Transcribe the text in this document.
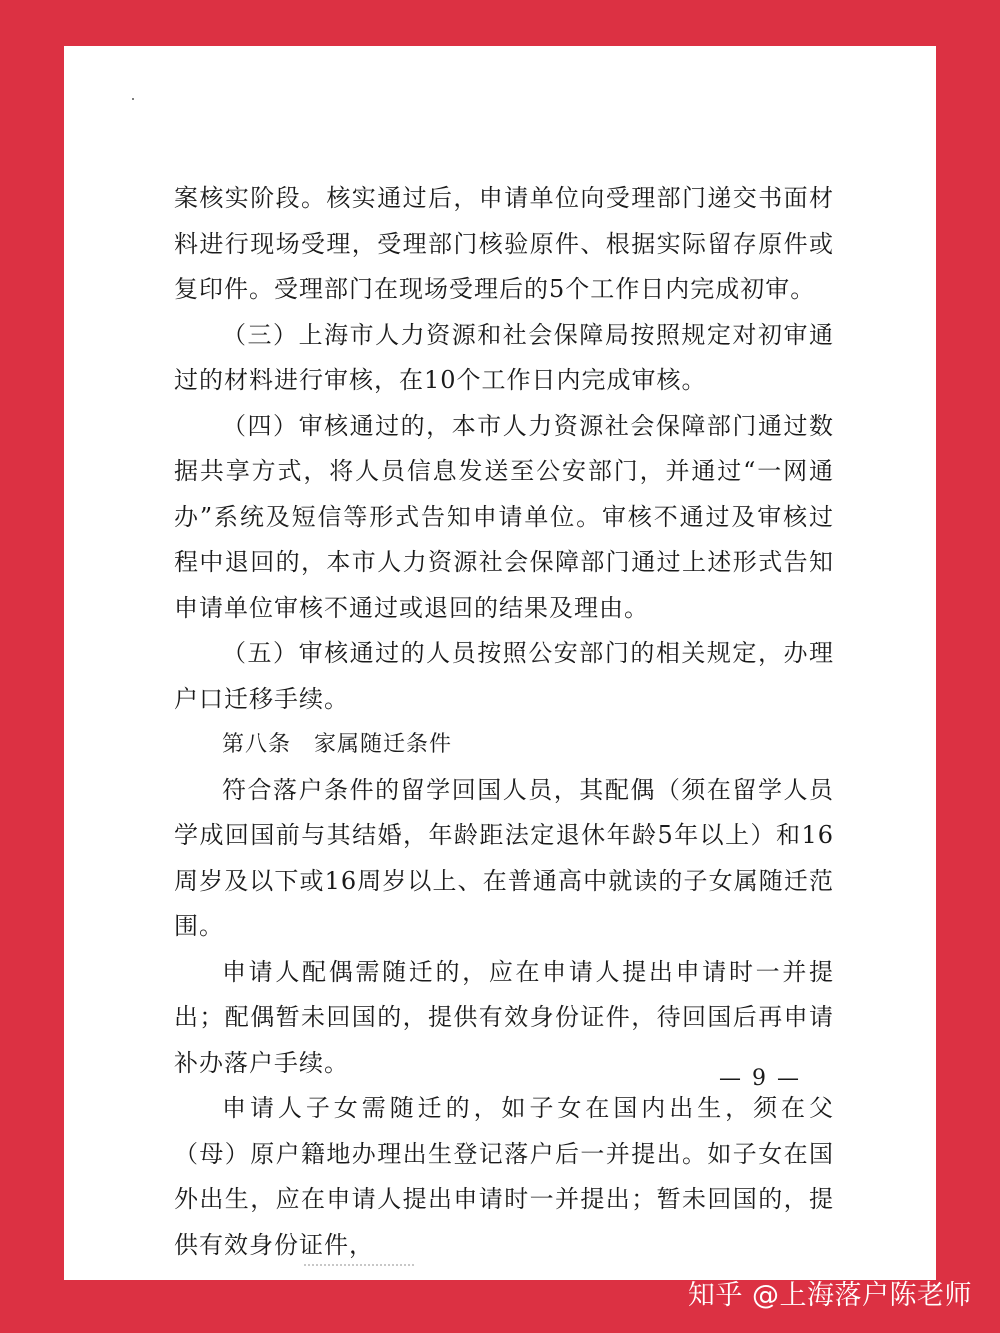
案核实阶段。核实通过后，申请单位向受理部门递交书面材料进行现场受理，受理部门核验原件、根据实际留存原件或复印件。受理部门在现场受理后的5个工作日内完成初审。

（三）上海市人力资源和社会保障局按照规定对初审通过的材料进行审核，在10个工作日内完成审核。

（四）审核通过的，本市人力资源社会保障部门通过数据共享方式，将人员信息发送至公安部门，并通过“一网通办”系统及短信等形式告知申请单位。审核不通过及审核过程中退回的，本市人力资源社会保障部门通过上述形式告知申请单位审核不通过或退回的结果及理由。

（五）审核通过的人员按照公安部门的相关规定，办理户口迁移手续。

第八条　家属随迁条件

符合落户条件的留学回国人员，其配偶（须在留学人员学成回国前与其结婚，年龄距法定退休年龄5年以上）和16周岁及以下或16周岁以上、在普通高中就读的子女属随迁范围。

申请人配偶需随迁的，应在申请人提出申请时一并提出；配偶暂未回国的，提供有效身份证件，待回国后再申请补办落户手续。

申请人子女需随迁的，如子女在国内出生，须在父（母）原户籍地办理出生登记落户后一并提出。如子女在国外出生，应在申请人提出申请时一并提出；暂未回国的，提供有效身份证件，

— 9 —
知乎 @上海落户陈老师
